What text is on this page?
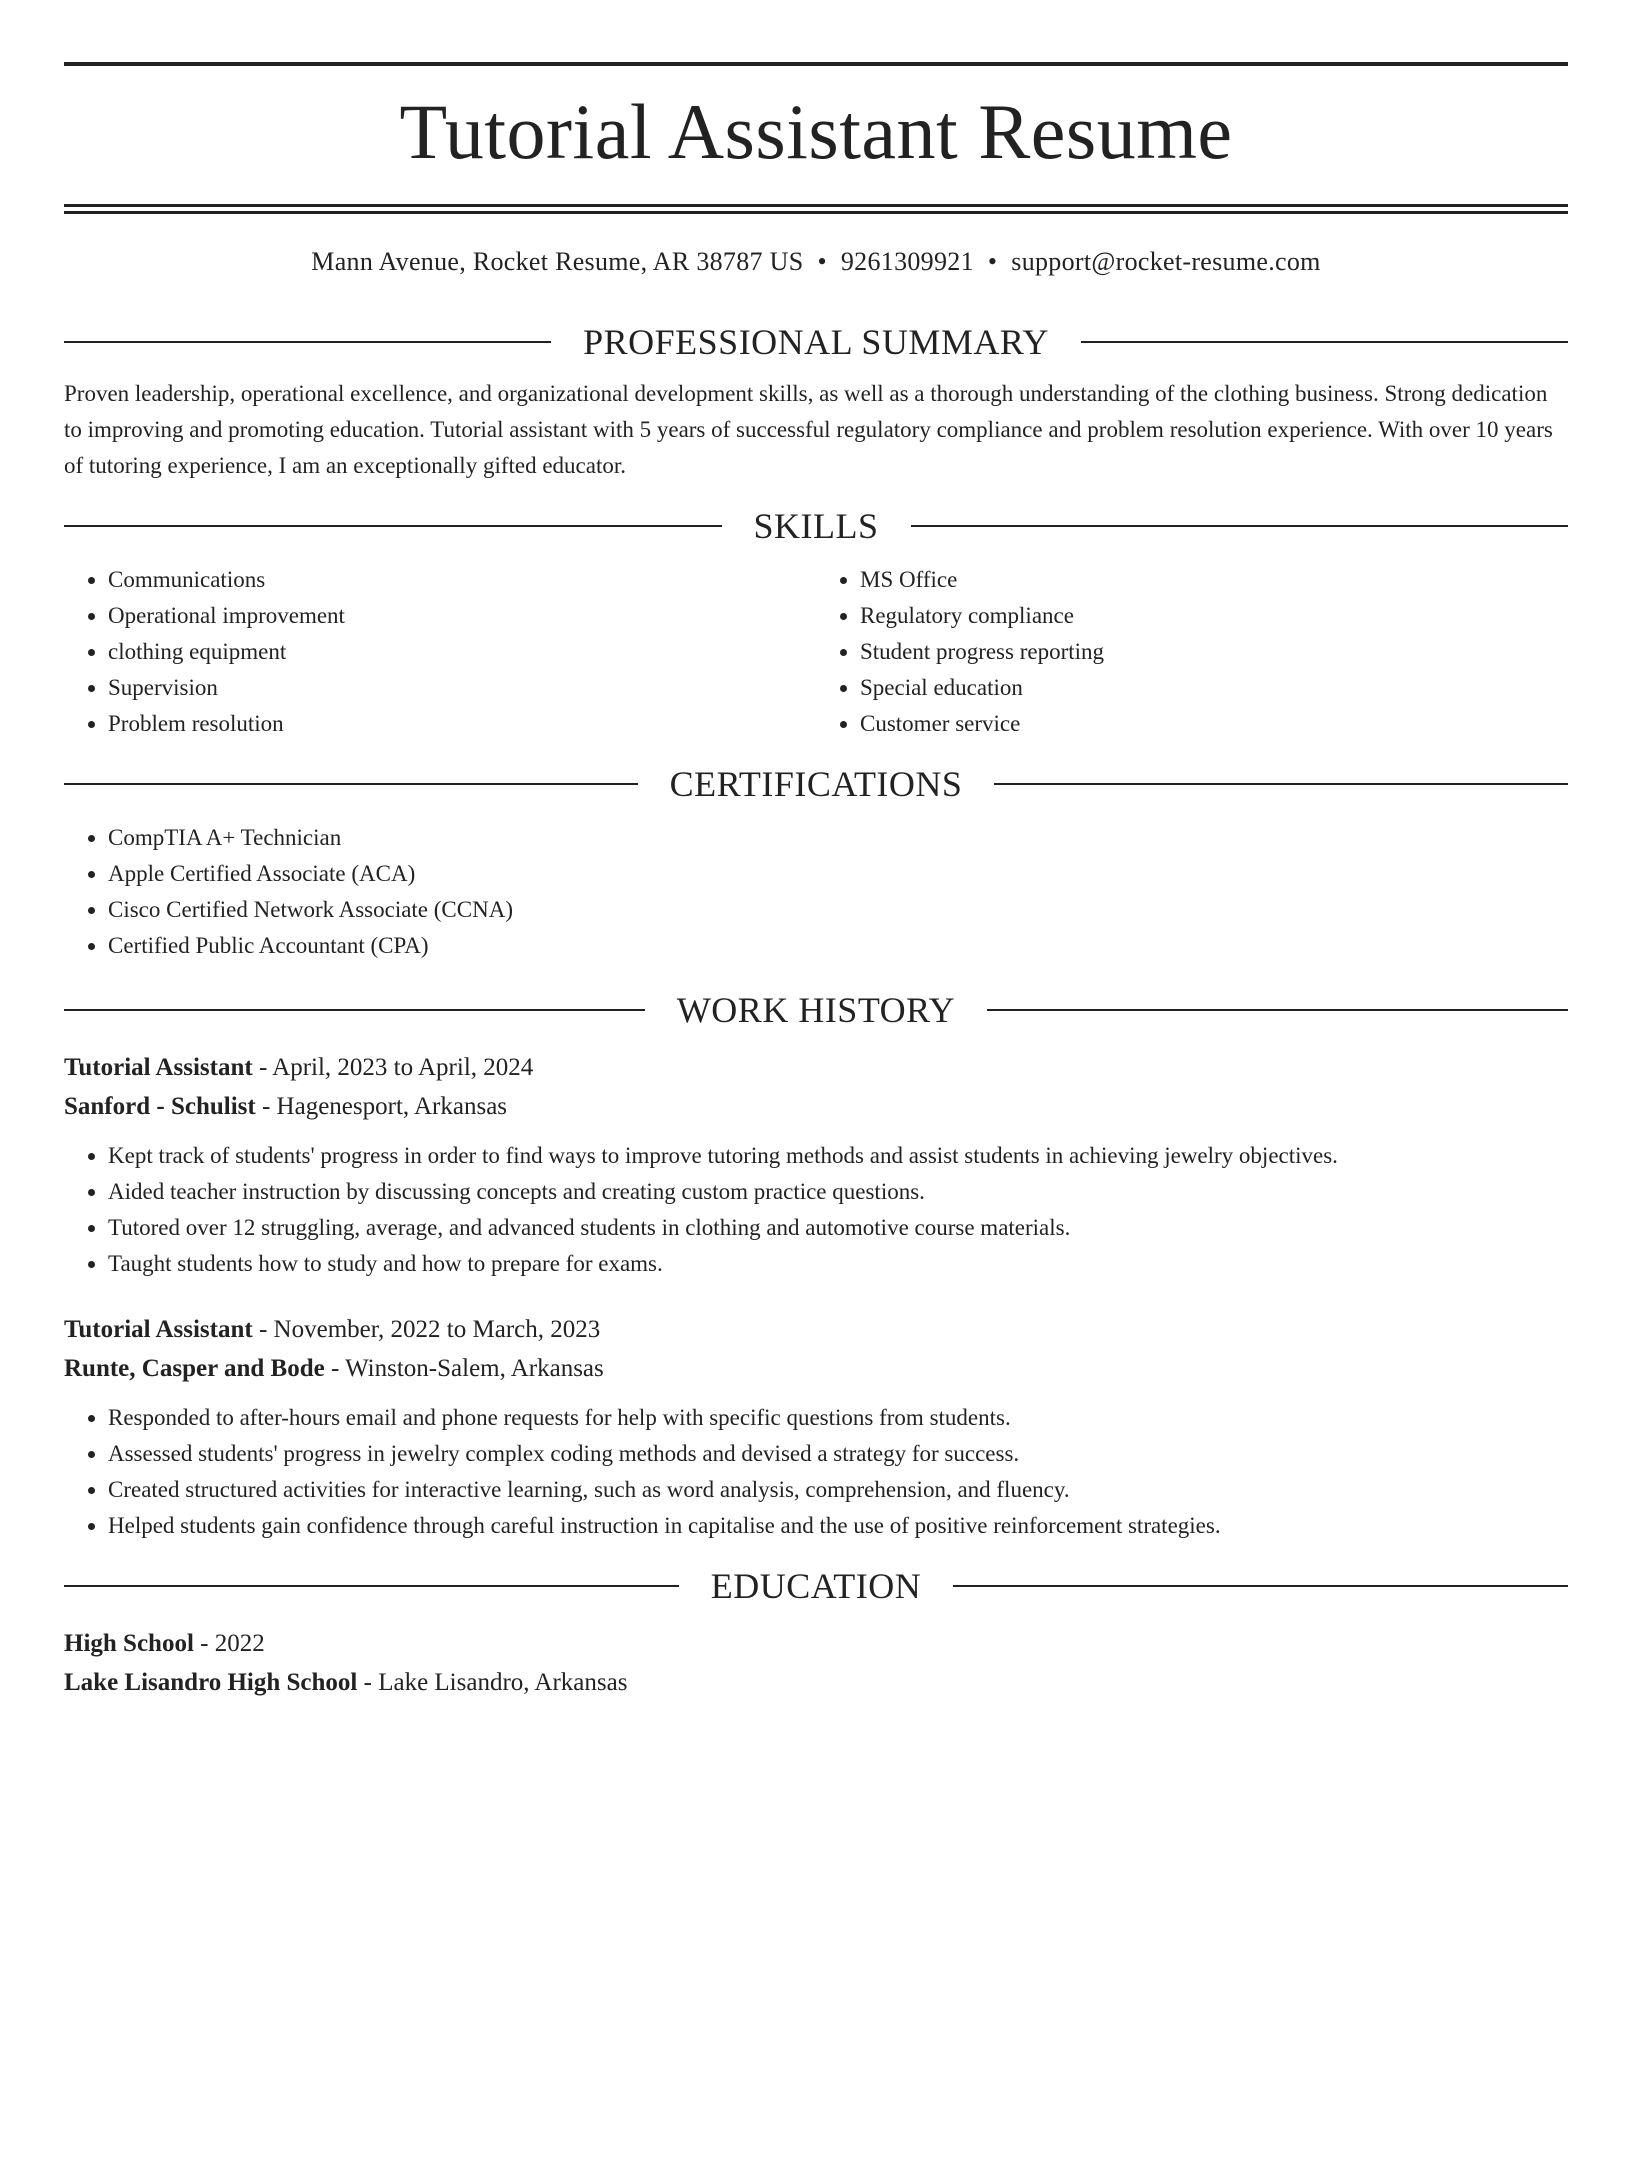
Tutorial Assistant Resume
Mann Avenue, Rocket Resume, AR 38787 US • 9261309921 • support@rocket-resume.com
PROFESSIONAL SUMMARY

Proven leadership, operational excellence, and organizational development skills, as well as a thorough understanding of the clothing business. Strong dedication to improving and promoting education. Tutorial assistant with 5 years of successful regulatory compliance and problem resolution experience. With over 10 years of tutoring experience, I am an exceptionally gifted educator.

SKILLS
• Communications
• Operational improvement
• clothing equipment
• Supervision
• Problem resolution
• MS Office
• Regulatory compliance
• Student progress reporting
• Special education
• Customer service
CERTIFICATIONS
• CompTIA A+ Technician
• Apple Certified Associate (ACA)
• Cisco Certified Network Associate (CCNA)
• Certified Public Accountant (CPA)
WORK HISTORY
Tutorial Assistant - April, 2023 to April, 2024
Sanford - Schulist - Hagenesport, Arkansas
• Kept track of students' progress in order to find ways to improve tutoring methods and assist students in achieving jewelry objectives.
• Aided teacher instruction by discussing concepts and creating custom practice questions.
• Tutored over 12 struggling, average, and advanced students in clothing and automotive course materials.
• Taught students how to study and how to prepare for exams.
Tutorial Assistant - November, 2022 to March, 2023
Runte, Casper and Bode - Winston-Salem, Arkansas
• Responded to after-hours email and phone requests for help with specific questions from students.
• Assessed students' progress in jewelry complex coding methods and devised a strategy for success.
• Created structured activities for interactive learning, such as word analysis, comprehension, and fluency.
• Helped students gain confidence through careful instruction in capitalise and the use of positive reinforcement strategies.
EDUCATION
High School - 2022
Lake Lisandro High School - Lake Lisandro, Arkansas
